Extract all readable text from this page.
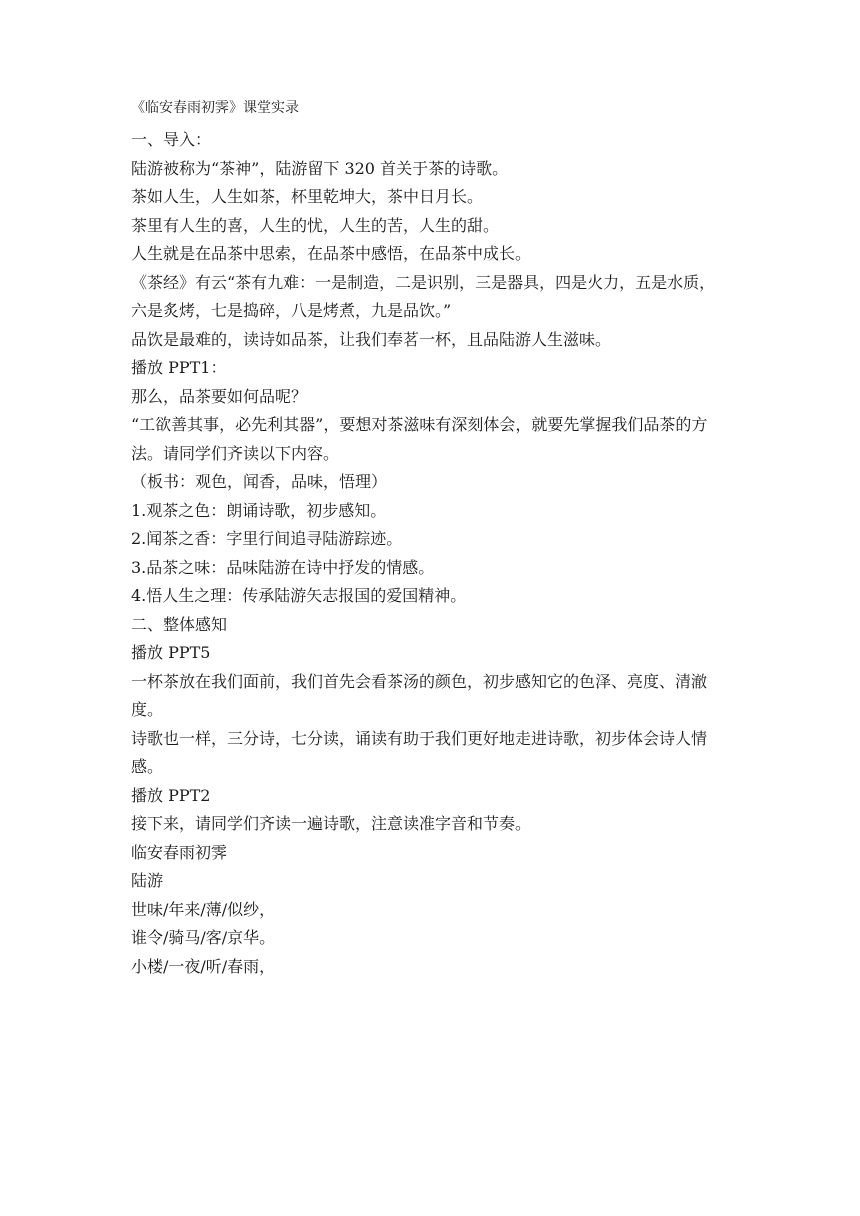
《临安春雨初霁》课堂实录
一、导入：
陆游被称为“茶神”，陆游留下 320 首关于茶的诗歌。
茶如人生，人生如茶，杯里乾坤大，茶中日月长。
茶里有人生的喜，人生的忧，人生的苦，人生的甜。
人生就是在品茶中思索，在品茶中感悟，在品茶中成长。
《茶经》有云“茶有九难：一是制造，二是识别，三是器具，四是火力，五是水质，六是炙烤，七是捣碎，八是烤煮，九是品饮。”
品饮是最难的，读诗如品茶，让我们奉茗一杯，且品陆游人生滋味。
播放 PPT1：
那么，品茶要如何品呢？
“工欲善其事，必先利其器”，要想对茶滋味有深刻体会，就要先掌握我们品茶的方法。请同学们齐读以下内容。
（板书：观色，闻香，品味，悟理）
1.观茶之色：朗诵诗歌，初步感知。
2.闻茶之香：字里行间追寻陆游踪迹。
3.品茶之味：品味陆游在诗中抒发的情感。
4.悟人生之理：传承陆游矢志报国的爱国精神。
二、整体感知
播放 PPT5
一杯茶放在我们面前，我们首先会看茶汤的颜色，初步感知它的色泽、亮度、清澈度。
诗歌也一样，三分诗，七分读，诵读有助于我们更好地走进诗歌，初步体会诗人情感。
播放 PPT2
接下来，请同学们齐读一遍诗歌，注意读准字音和节奏。
临安春雨初霁
陆游
世味/年来/薄/似纱，
谁令/骑马/客/京华。
小楼/一夜/听/春雨，
